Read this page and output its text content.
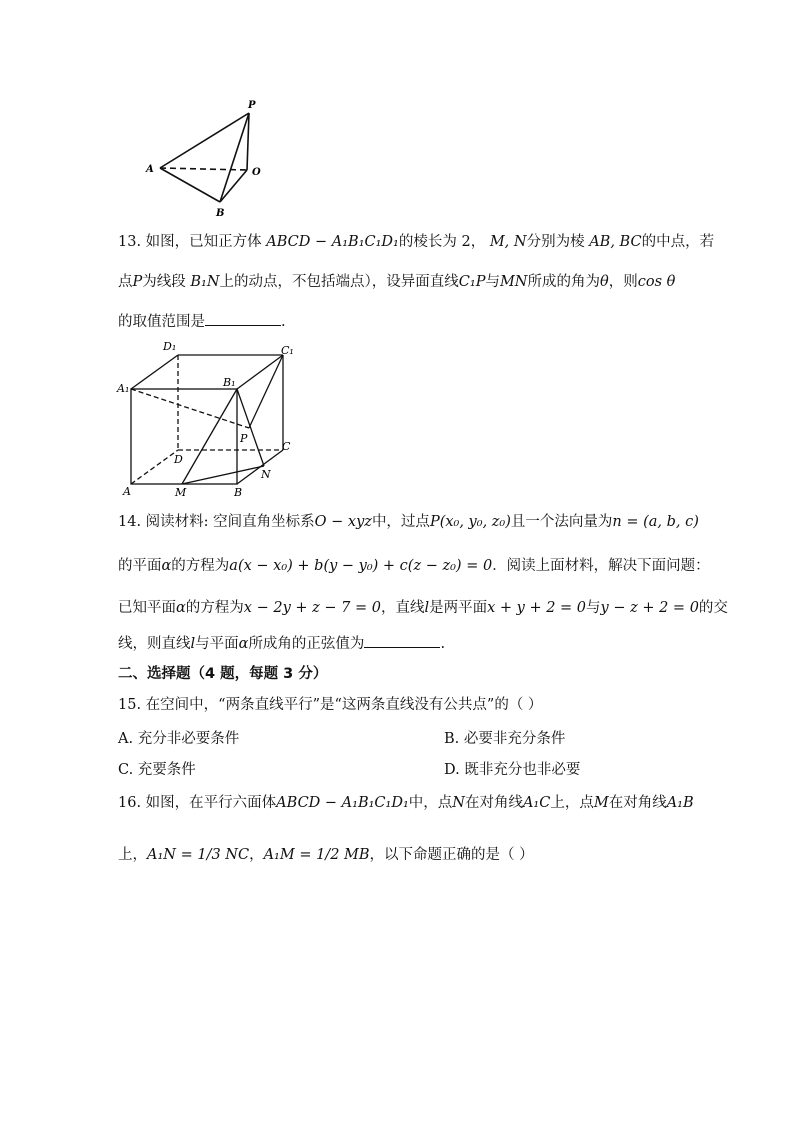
P
A	O
B
13. 如图，已知正方体 ABCD − A₁B₁C₁D₁的棱长为 2， M, N分别为棱 AB, BC的中点，若
点P为线段 B₁N上的动点，不包括端点），设异面直线C₁P与MN所成的角为θ，则cos θ
的取值范围是	.
D₁	C₁
A₁	B₁
P
C
D
N
A	M	B
14. 阅读材料: 空间直角坐标系O − xyz中，过点P(x₀, y₀, z₀)且一个法向量为n = (a, b, c)
的平面α的方程为a(x − x₀) + b(y − y₀) + c(z − z₀) = 0．阅读上面材料，解决下面问题：
已知平面α的方程为x − 2y + z − 7 = 0，直线l是两平面x + y + 2 = 0与y − z + 2 = 0的交
线，则直线l与平面α所成角的正弦值为	.
二、选择题（4 题，每题 3 分）
15. 在空间中，“两条直线平行”是“这两条直线没有公共点”的（ ）
A. 充分非必要条件	B. 必要非充分条件
C. 充要条件	D. 既非充分也非必要
16. 如图，在平行六面体ABCD − A₁B₁C₁D₁中，点N在对角线A₁C上，点M在对角线A₁B
上，A₁N = 1/3 NC，A₁M = 1/2 MB，以下命题正确的是（ ）
